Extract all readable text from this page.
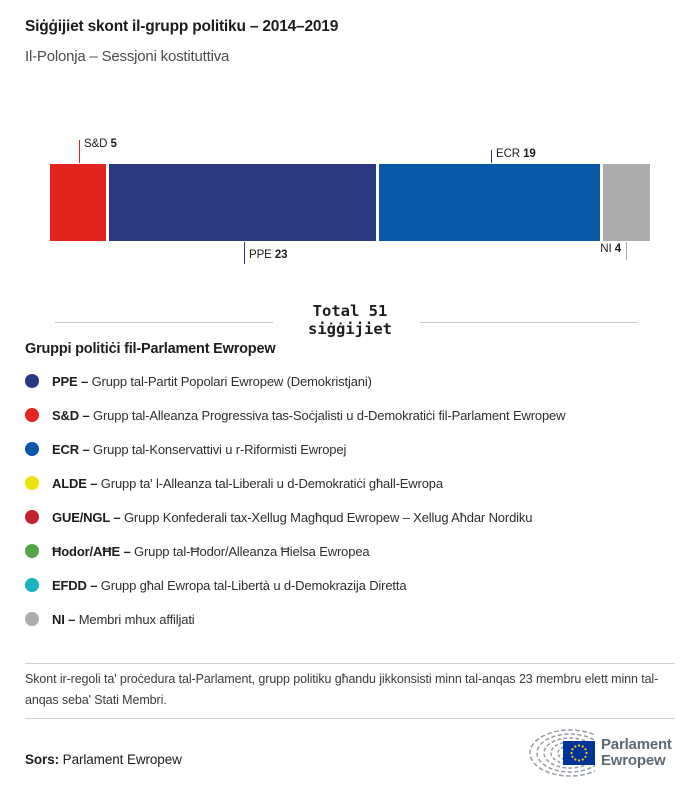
Siġġijiet skont il-grupp politiku – 2014–2019
Il-Polonja – Sessjoni kostituttiva
S&D 5
PPE 23
ECR 19
NI 4
Total 51
siġġijiet
Gruppi politiċi fil-Parlament Ewropew
PPE – Grupp tal-Partit Popolari Ewropew (Demokristjani)
S&D – Grupp tal-Alleanza Progressiva tas-Soċjalisti u d-Demokratiċi fil-Parlament Ewropew
ECR – Grupp tal-Konservattivi u r-Riformisti Ewropej
ALDE – Grupp ta' l-Alleanza tal-Liberali u d-Demokratiċi għall-Ewropa
GUE/NGL – Grupp Konfederali tax-Xellug Magħqud Ewropew – Xellug Aħdar Nordiku
Ħodor/AĦE – Grupp tal-Ħodor/Alleanza Ħielsa Ewropea
EFDD – Grupp għal Ewropa tal-Libertà u d-Demokrazija Diretta
NI – Membri mhux affiljati
Skont ir-regoli ta' proċedura tal-Parlament, grupp politiku għandu jikkonsisti minn tal-anqas 23 membru elett minn tal-anqas seba' Stati Membri.
Sors: Parlament Ewropew
Parlament
Ewropew
